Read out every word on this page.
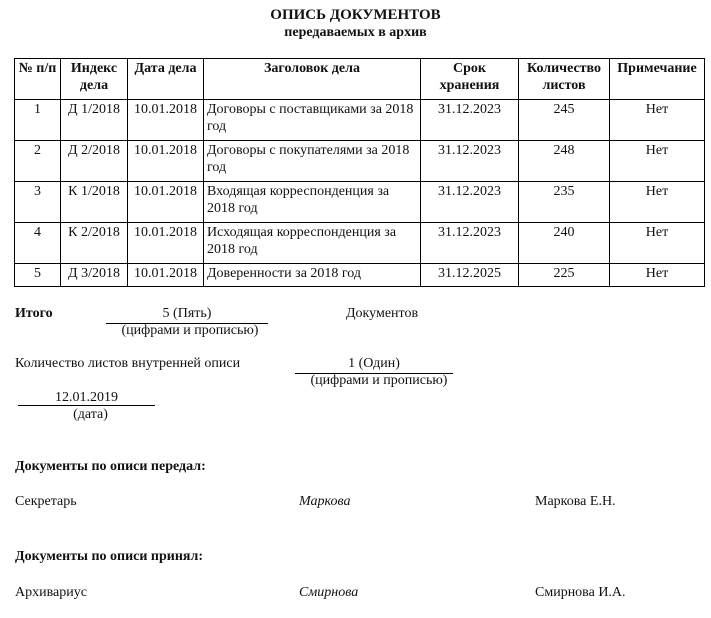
ОПИСЬ ДОКУМЕНТОВ
передаваемых в архив
№ п/п	Индекс дела	Дата дела	Заголовок дела	Срок хранения	Количество листов	Примечание
1	Д 1/2018	10.01.2018	Договоры с поставщиками за 2018 год	31.12.2023	245	Нет
2	Д 2/2018	10.01.2018	Договоры с покупателями за 2018 год	31.12.2023	248	Нет
3	К 1/2018	10.01.2018	Входящая корреспонденция за 2018 год	31.12.2023	235	Нет
4	К 2/2018	10.01.2018	Исходящая корреспонденция за 2018 год	31.12.2023	240	Нет
5	Д 3/2018	10.01.2018	Доверенности за 2018 год	31.12.2025	225	Нет
Итого	5 (Пять)
(цифрами и прописью)
Документов
Количество листов внутренней описи	1 (Один)
(цифрами и прописью)
12.01.2019
(дата)
Документы по описи передал:
Секретарь	Маркова	Маркова Е.Н.
Документы по описи принял:
Архивариус	Смирнова	Смирнова И.А.
